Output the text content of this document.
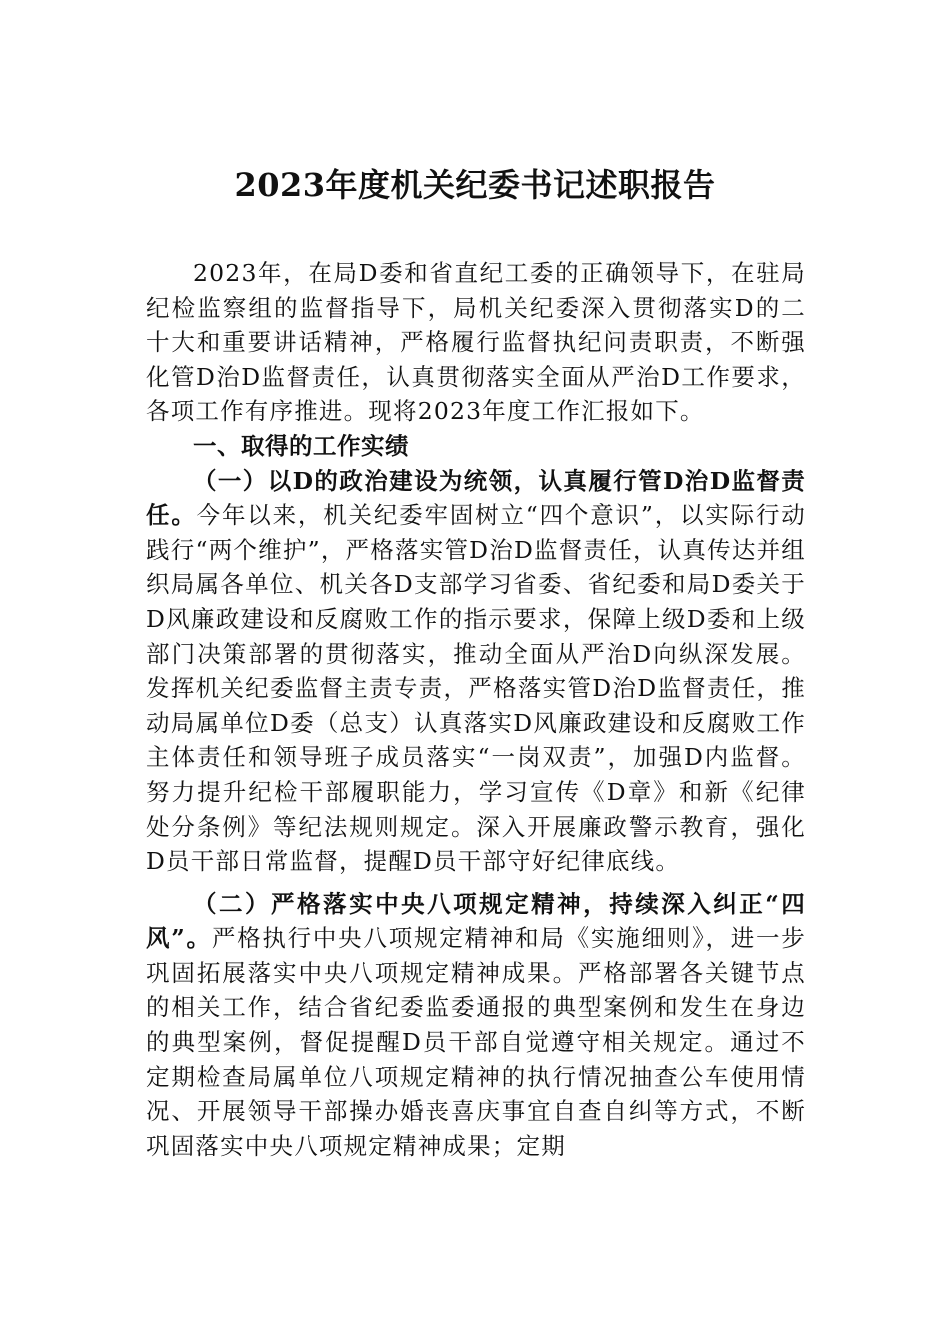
2023年度机关纪委书记述职报告

2023年，在局D委和省直纪工委的正确领导下，在驻局纪检监察组的监督指导下，局机关纪委深入贯彻落实D的二十大和重要讲话精神，严格履行监督执纪问责职责，不断强化管D治D监督责任，认真贯彻落实全面从严治D工作要求，各项工作有序推进。现将2023年度工作汇报如下。

一、取得的工作实绩

（一）以D的政治建设为统领，认真履行管D治D监督责任。今年以来，机关纪委牢固树立“四个意识”，以实际行动践行“两个维护”，严格落实管D治D监督责任，认真传达并组织局属各单位、机关各D支部学习省委、省纪委和局D委关于D风廉政建设和反腐败工作的指示要求，保障上级D委和上级部门决策部署的贯彻落实，推动全面从严治D向纵深发展。发挥机关纪委监督主责专责，严格落实管D治D监督责任，推动局属单位D委（总支）认真落实D风廉政建设和反腐败工作主体责任和领导班子成员落实“一岗双责”，加强D内监督。努力提升纪检干部履职能力，学习宣传《D章》和新《纪律处分条例》等纪法规则规定。深入开展廉政警示教育，强化D员干部日常监督，提醒D员干部守好纪律底线。

（二）严格落实中央八项规定精神，持续深入纠正“四风”。严格执行中央八项规定精神和局《实施细则》，进一步巩固拓展落实中央八项规定精神成果。严格部署各关键节点的相关工作，结合省纪委监委通报的典型案例和发生在身边的典型案例，督促提醒D员干部自觉遵守相关规定。通过不定期检查局属单位八项规定精神的执行情况抽查公车使用情况、开展领导干部操办婚丧喜庆事宜自查自纠等方式，不断巩固落实中央八项规定精神成果；定期
